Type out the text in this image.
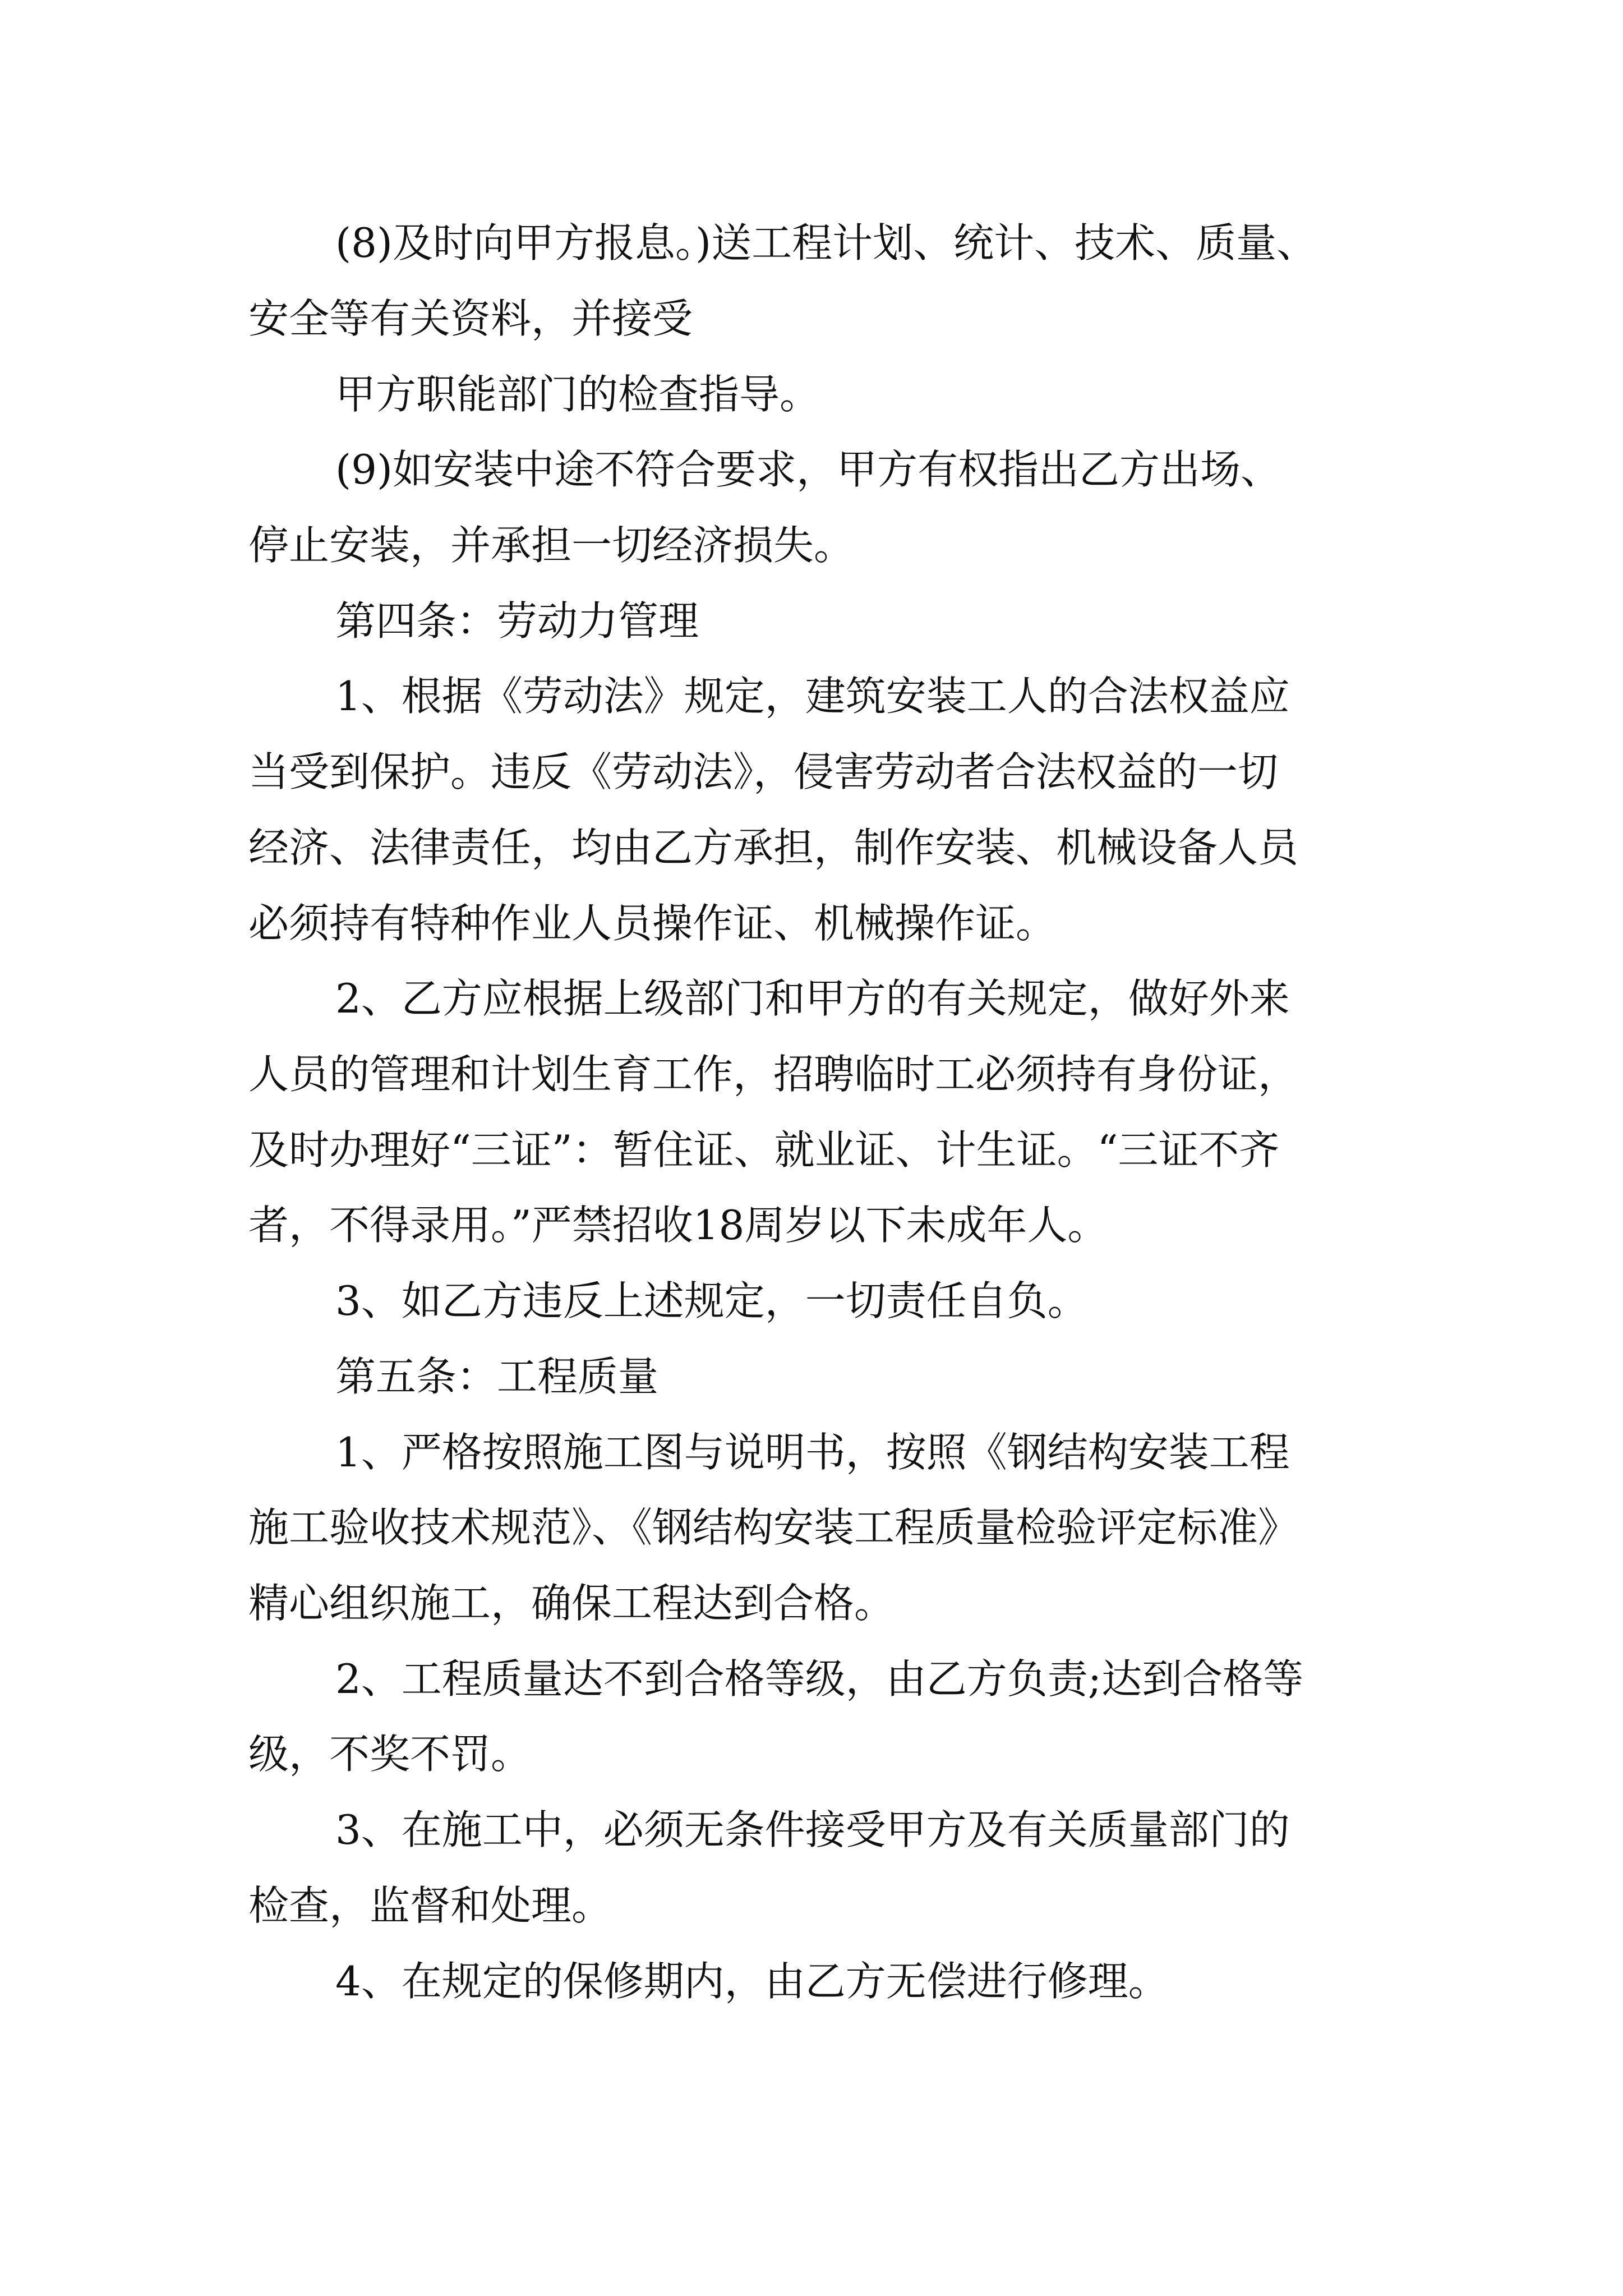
(8)及时向甲方报息。)送工程计划、统计、技术、质量、

安全等有关资料，并接受

甲方职能部门的检查指导。

(9)如安装中途不符合要求，甲方有权指出乙方出场、

停止安装，并承担一切经济损失。

第四条：劳动力管理

1、根据《劳动法》规定，建筑安装工人的合法权益应

当受到保护。违反《劳动法》，侵害劳动者合法权益的一切

经济、法律责任，均由乙方承担，制作安装、机械设备人员

必须持有特种作业人员操作证、机械操作证。

2、乙方应根据上级部门和甲方的有关规定，做好外来

人员的管理和计划生育工作，招聘临时工必须持有身份证，

及时办理好“三证”：暂住证、就业证、计生证。“三证不齐

者，不得录用。”严禁招收18周岁以下未成年人。

3、如乙方违反上述规定，一切责任自负。

第五条：工程质量

1、严格按照施工图与说明书，按照《钢结构安装工程

施工验收技术规范》、《钢结构安装工程质量检验评定标准》

精心组织施工，确保工程达到合格。

2、工程质量达不到合格等级，由乙方负责;达到合格等

级，不奖不罚。

3、在施工中，必须无条件接受甲方及有关质量部门的

检查，监督和处理。

4、在规定的保修期内，由乙方无偿进行修理。
